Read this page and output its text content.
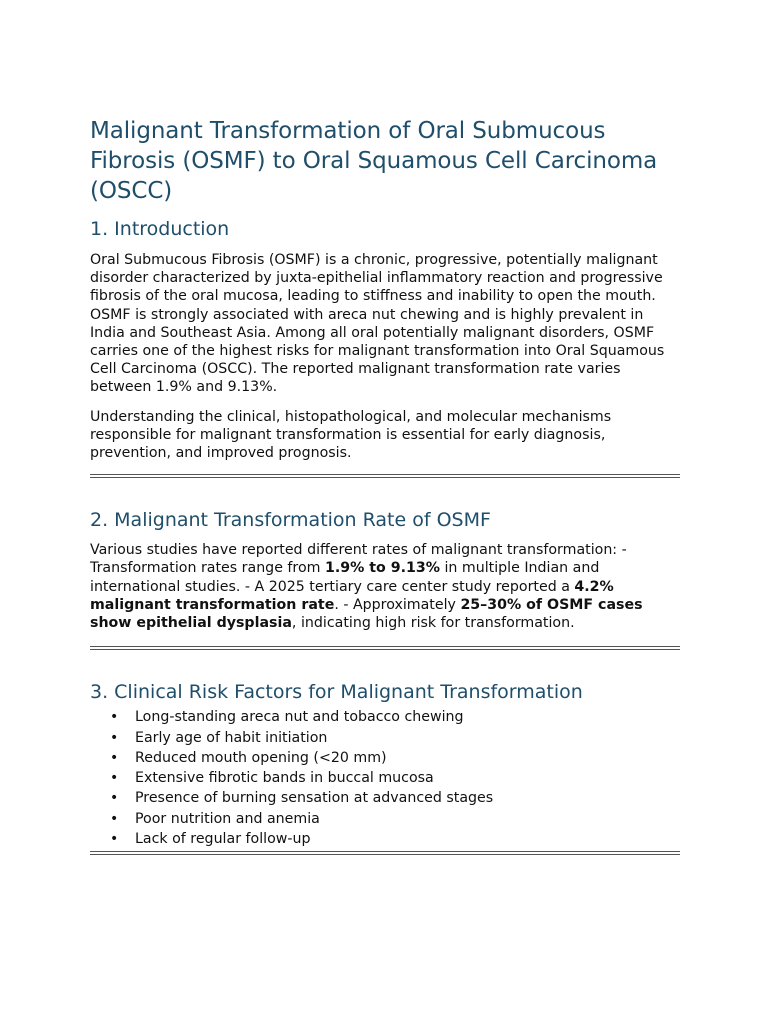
Malignant Transformation of Oral Submucous Fibrosis (OSMF) to Oral Squamous Cell Carcinoma (OSCC)
1. Introduction

Oral Submucous Fibrosis (OSMF) is a chronic, progressive, potentially malignant disorder characterized by juxta-epithelial inflammatory reaction and progressive fibrosis of the oral mucosa, leading to stiffness and inability to open the mouth. OSMF is strongly associated with areca nut chewing and is highly prevalent in India and Southeast Asia. Among all oral potentially malignant disorders, OSMF carries one of the highest risks for malignant transformation into Oral Squamous Cell Carcinoma (OSCC). The reported malignant transformation rate varies between 1.9% and 9.13%.

Understanding the clinical, histopathological, and molecular mechanisms responsible for malignant transformation is essential for early diagnosis, prevention, and improved prognosis.

2. Malignant Transformation Rate of OSMF

Various studies have reported different rates of malignant transformation: - Transformation rates range from 1.9% to 9.13% in multiple Indian and international studies. - A 2025 tertiary care center study reported a 4.2% malignant transformation rate. - Approximately 25–30% of OSMF cases show epithelial dysplasia, indicating high risk for transformation.

3. Clinical Risk Factors for Malignant Transformation
• Long-standing areca nut and tobacco chewing
• Early age of habit initiation
• Reduced mouth opening (<20 mm)
• Extensive fibrotic bands in buccal mucosa
• Presence of burning sensation at advanced stages
• Poor nutrition and anemia
• Lack of regular follow-up
